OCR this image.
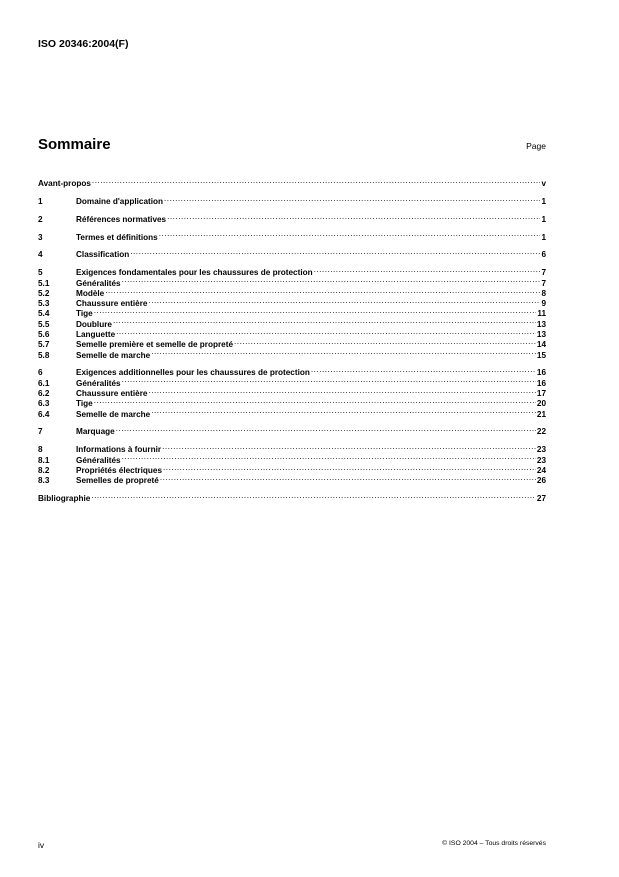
ISO 20346:2004(F)
Sommaire	Page
Avant-propos .....	v
1	Domaine d'application .....	1
2	Références normatives .....	1
3	Termes et définitions .....	1
4	Classification .....	6
5	Exigences fondamentales pour les chaussures de protection .....	7
5.1	Généralités .....	7
5.2	Modèle .....	8
5.3	Chaussure entière .....	9
5.4	Tige .....	11
5.5	Doublure .....	13
5.6	Languette .....	13
5.7	Semelle première et semelle de propreté .....	14
5.8	Semelle de marche .....	15
6	Exigences additionnelles pour les chaussures de protection .....	16
6.1	Généralités .....	16
6.2	Chaussure entière .....	17
6.3	Tige .....	20
6.4	Semelle de marche .....	21
7	Marquage .....	22
8	Informations à fournir .....	23
8.1	Généralités .....	23
8.2	Propriétés électriques .....	24
8.3	Semelles de propreté .....	26
Bibliographie .....	27
iv	© ISO 2004 – Tous droits réservés
